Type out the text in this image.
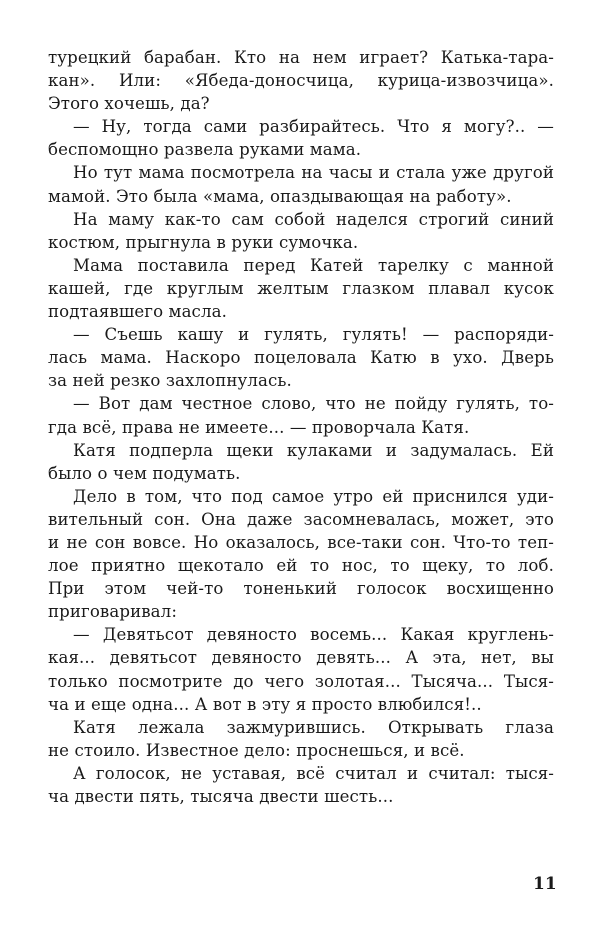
турецкий барабан. Кто на нем играет? Катька-тара-
кан». Или: «Ябеда-доносчица, курица-извозчица».
Этого хочешь, да?
— Ну, тогда сами разбирайтесь. Что я могу?.. —
беспомощно развела руками мама.
Но тут мама посмотрела на часы и стала уже другой
мамой. Это была «мама, опаздывающая на работу».
На маму как-то сам собой наделся строгий синий
костюм, прыгнула в руки сумочка.
Мама поставила перед Катей тарелку с манной
кашей, где круглым желтым глазком плавал кусок
подтаявшего масла.
— Съешь кашу и гулять, гулять! — распоряди-
лась мама. Наскоро поцеловала Катю в ухо. Дверь
за ней резко захлопнулась.
— Вот дам честное слово, что не пойду гулять, то-
гда всё, права не имеете... — проворчала Катя.
Катя подперла щеки кулаками и задумалась. Ей
было о чем подумать.
Дело в том, что под самое утро ей приснился уди-
вительный сон. Она даже засомневалась, может, это
и не сон вовсе. Но оказалось, все-таки сон. Что-то теп-
лое приятно щекотало ей то нос, то щеку, то лоб.
При этом чей-то тоненький голосок восхищенно
приговаривал:
— Девятьсот девяносто восемь... Какая круглень-
кая... девятьсот девяносто девять... А эта, нет, вы
только посмотрите до чего золотая... Тысяча... Тыся-
ча и еще одна... А вот в эту я просто влюбился!..
Катя лежала зажмурившись. Открывать глаза
не стоило. Известное дело: проснешься, и всё.
А голосок, не уставая, всё считал и считал: тыся-
ча двести пять, тысяча двести шесть...
11
